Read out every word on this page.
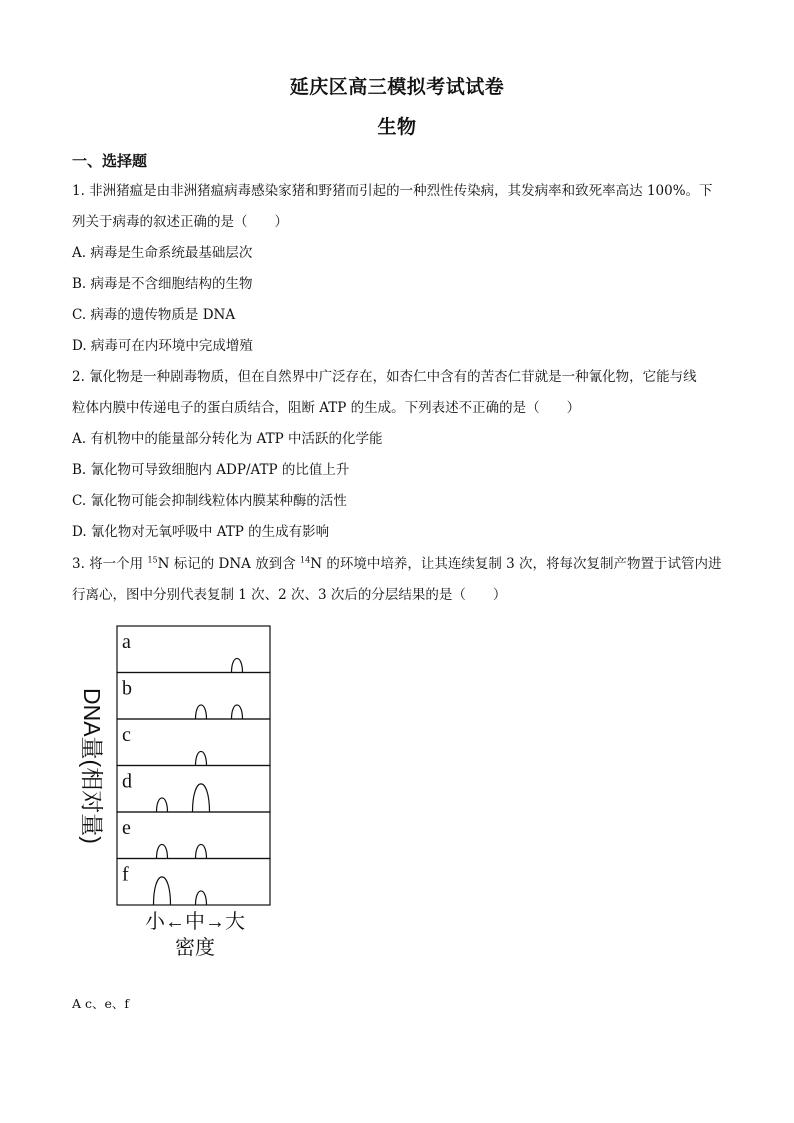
延庆区高三模拟考试试卷
生物
一、选择题
1. 非洲猪瘟是由非洲猪瘟病毒感染家猪和野猪而引起的一种烈性传染病，其发病率和致死率高达 100%。下
列关于病毒的叙述正确的是（　　）
A. 病毒是生命系统最基础层次
B. 病毒是不含细胞结构的生物
C. 病毒的遗传物质是 DNA
D. 病毒可在内环境中完成增殖
2. 氰化物是一种剧毒物质，但在自然界中广泛存在，如杏仁中含有的苦杏仁苷就是一种氰化物，它能与线
粒体内膜中传递电子的蛋白质结合，阻断 ATP 的生成。下列表述不正确的是（　　）
A. 有机物中的能量部分转化为 ATP 中活跃的化学能
B. 氰化物可导致细胞内 ADP/ATP 的比值上升
C. 氰化物可能会抑制线粒体内膜某种酶的活性
D. 氰化物对无氧呼吸中 ATP 的生成有影响
3. 将一个用 $^{15}$N 标记的 DNA 放到含 $^{14}$N 的环境中培养，让其连续复制 3 次，将每次复制产物置于试管内进
行离心，图中分别代表复制 1 次、2 次、3 次后的分层结果的是（　　）
DNA量(相对量)
a
b
c
d
e
f
小←中→大
密度
A c、e、f
